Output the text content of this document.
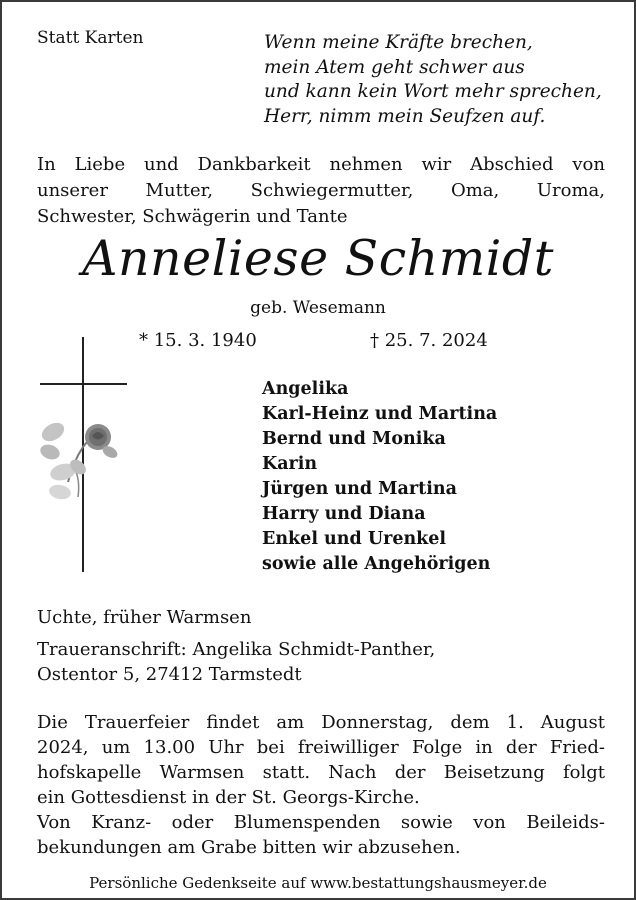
Statt Karten	Wenn meine Kräfte brechen,
mein Atem geht schwer aus
und kann kein Wort mehr sprechen,
Herr, nimm mein Seufzen auf.
In Liebe und Dankbarkeit nehmen wir Abschied von
unserer Mutter, Schwiegermutter, Oma, Uroma,
Schwester, Schwägerin und Tante
Anneliese Schmidt
geb. Wesemann
* 15. 3. 1940	† 25. 7. 2024
Angelika
Karl-Heinz und Martina
Bernd und Monika
Karin
Jürgen und Martina
Harry und Diana
Enkel und Urenkel
sowie alle Angehörigen
Uchte, früher Warmsen
Traueranschrift: Angelika Schmidt-Panther,
Ostentor 5, 27412 Tarmstedt
Die Trauerfeier findet am Donnerstag, dem 1. August
2024, um 13.00 Uhr bei freiwilliger Folge in der Fried-
hofskapelle Warmsen statt. Nach der Beisetzung folgt
ein Gottesdienst in der St. Georgs-Kirche.
Von Kranz- oder Blumenspenden sowie von Beileids-
bekundungen am Grabe bitten wir abzusehen.
Persönliche Gedenkseite auf www.bestattungshausmeyer.de
